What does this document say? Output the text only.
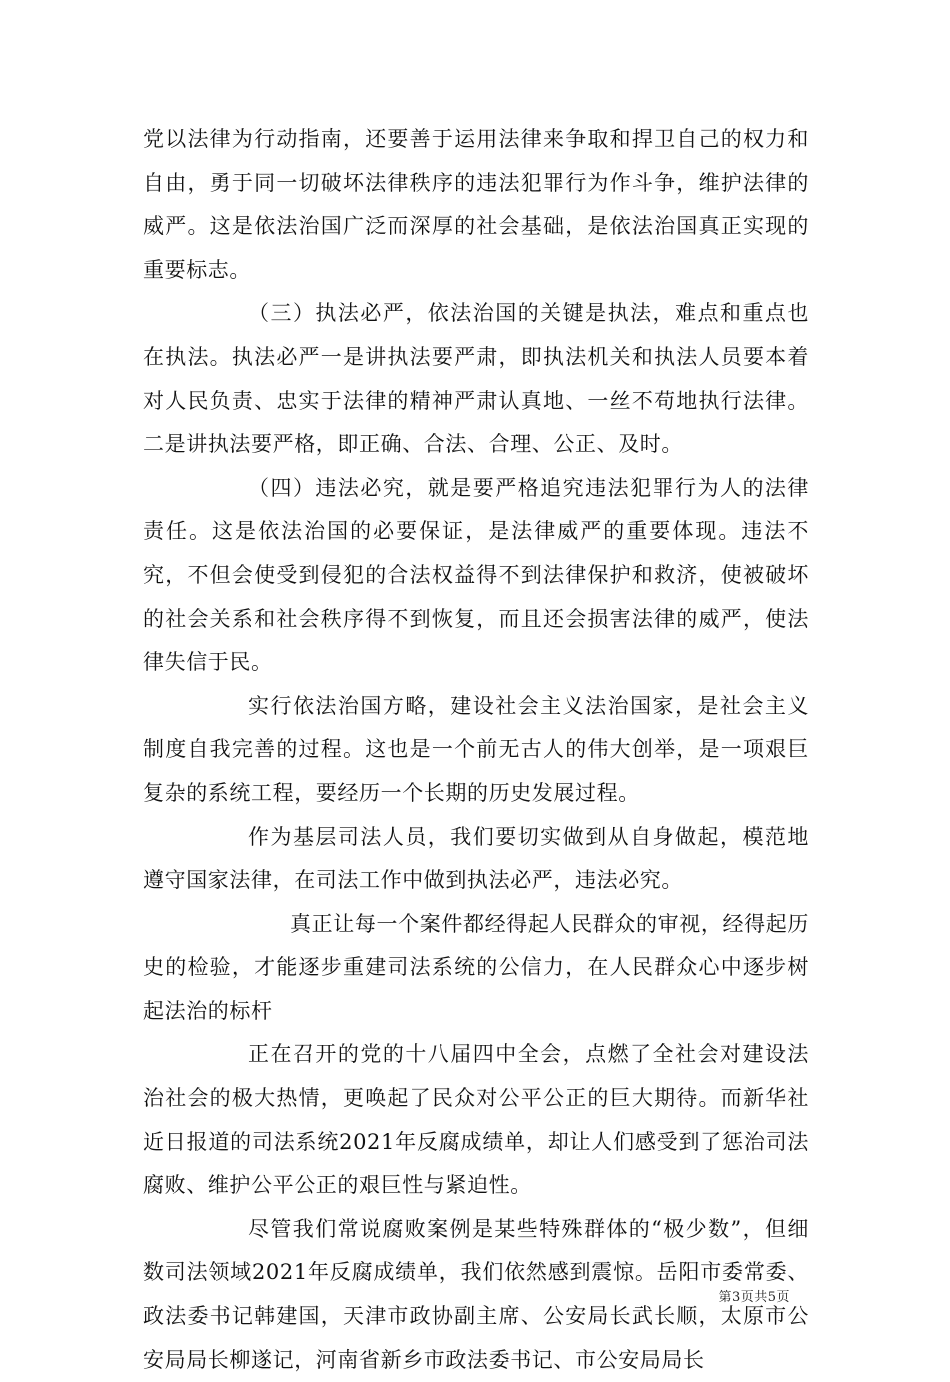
党以法律为行动指南，还要善于运用法律来争取和捍卫自己的权力和自由，勇于同一切破坏法律秩序的违法犯罪行为作斗争，维护法律的威严。这是依法治国广泛而深厚的社会基础，是依法治国真正实现的重要标志。

（三）执法必严，依法治国的关键是执法，难点和重点也在执法。执法必严一是讲执法要严肃，即执法机关和执法人员要本着对人民负责、忠实于法律的精神严肃认真地、一丝不苟地执行法律。二是讲执法要严格，即正确、合法、合理、公正、及时。

（四）违法必究，就是要严格追究违法犯罪行为人的法律责任。这是依法治国的必要保证，是法律威严的重要体现。违法不究，不但会使受到侵犯的合法权益得不到法律保护和救济，使被破坏的社会关系和社会秩序得不到恢复，而且还会损害法律的威严，使法律失信于民。

实行依法治国方略，建设社会主义法治国家，是社会主义制度自我完善的过程。这也是一个前无古人的伟大创举，是一项艰巨复杂的系统工程，要经历一个长期的历史发展过程。

作为基层司法人员，我们要切实做到从自身做起，模范地遵守国家法律，在司法工作中做到执法必严，违法必究。

真正让每一个案件都经得起人民群众的审视，经得起历史的检验，才能逐步重建司法系统的公信力，在人民群众心中逐步树起法治的标杆

正在召开的党的十八届四中全会，点燃了全社会对建设法治社会的极大热情，更唤起了民众对公平公正的巨大期待。而新华社近日报道的司法系统2021年反腐成绩单，却让人们感受到了惩治司法腐败、维护公平公正的艰巨性与紧迫性。

尽管我们常说腐败案例是某些特殊群体的“极少数”，但细数司法领域2021年反腐成绩单，我们依然感到震惊。岳阳市委常委、政法委书记韩建国，天津市政协副主席、公安局长武长顺，太原市公安局局长柳遂记，河南省新乡市政法委书记、市公安局局长

第3页共5页
